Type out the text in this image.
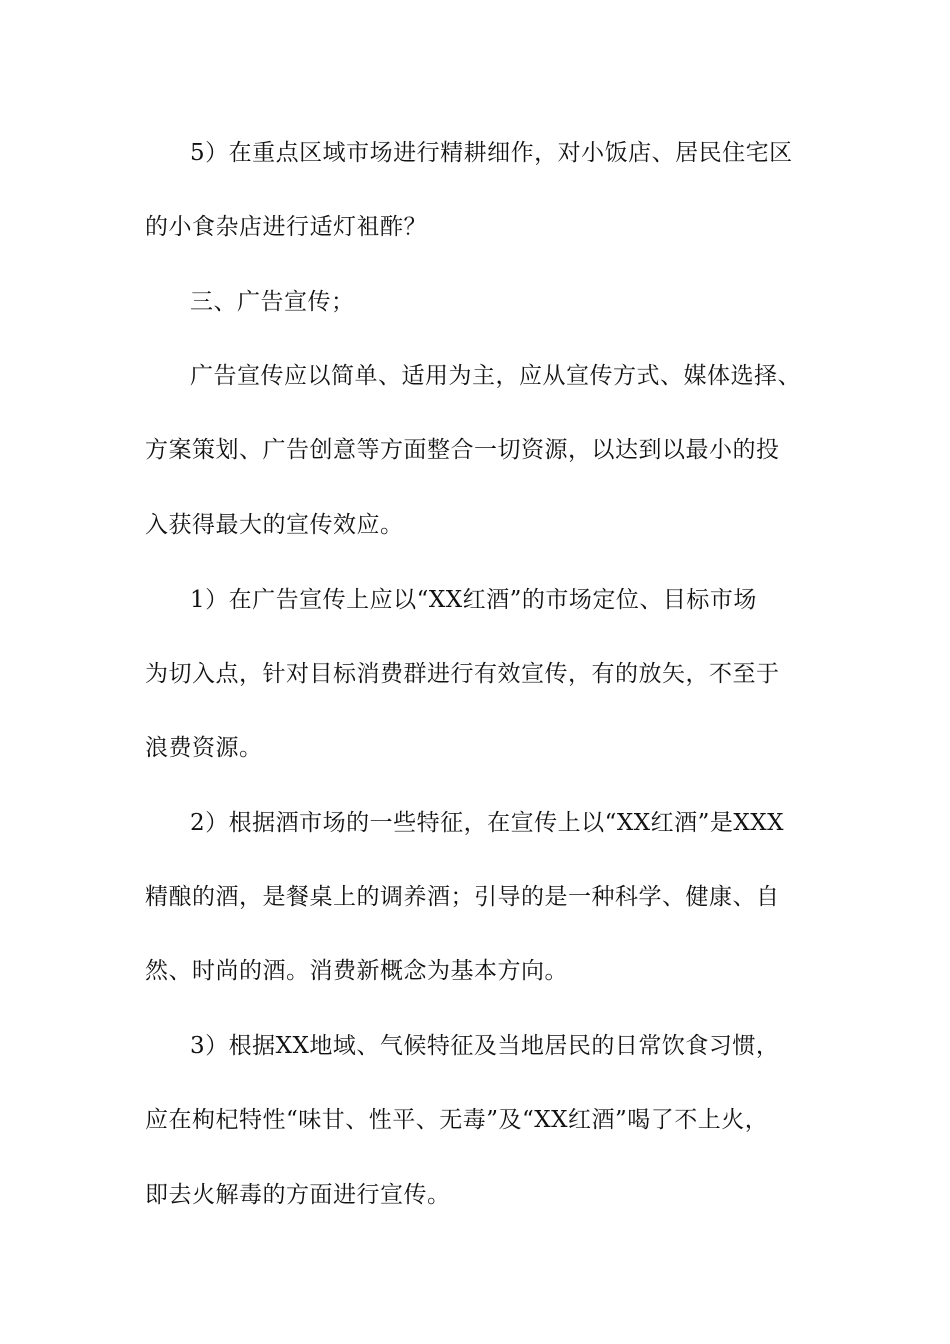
5）在重点区域市场进行精耕细作，对小饭店、居民住宅区
的小食杂店进行适灯袓酢？
三、广告宣传；
广告宣传应以简单、适用为主，应从宣传方式、媒体选择、
方案策划、广告创意等方面整合一切资源，以达到以最小的投
入获得最大的宣传效应。
1）在广告宣传上应以“XX红酒”的市场定位、目标市场
为切入点，针对目标消费群进行有效宣传，有的放矢，不至于
浪费资源。
2）根据酒市场的一些特征，在宣传上以“XX红酒”是XXX
精酿的酒，是餐桌上的调养酒；引导的是一种科学、健康、自
然、时尚的酒。消费新概念为基本方向。
3）根据XX地域、气候特征及当地居民的日常饮食习惯，
应在枸杞特性“味甘、性平、无毒”及“XX红酒”喝了不上火，
即去火解毒的方面进行宣传。
